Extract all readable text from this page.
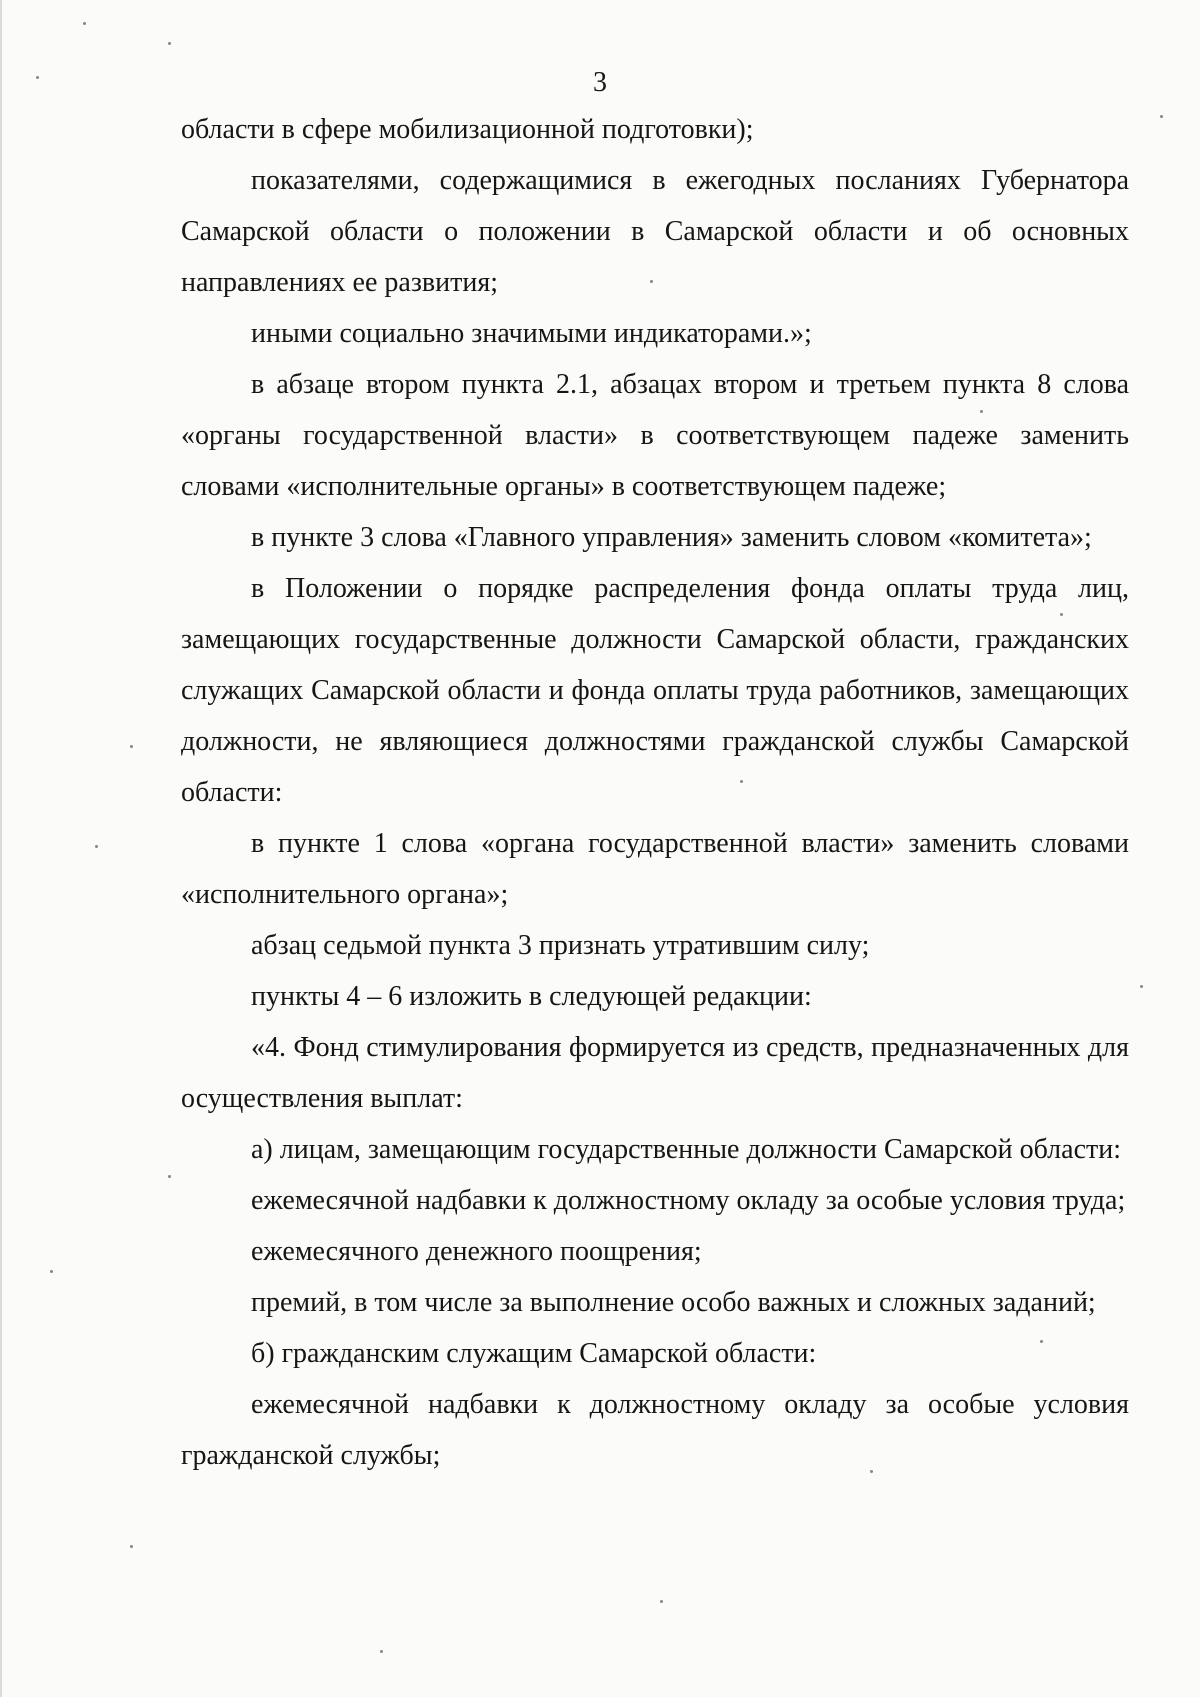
3

области в сфере мобилизационной подготовки);

показателями, содержащимися в ежегодных посланиях Губернатора Самарской области о положении в Самарской области и об основных направлениях ее развития;

иными социально значимыми индикаторами.»;

в абзаце втором пункта 2.1, абзацах втором и третьем пункта 8 слова «органы государственной власти» в соответствующем падеже заменить словами «исполнительные органы» в соответствующем падеже;

в пункте 3 слова «Главного управления» заменить словом «комитета»;

в Положении о порядке распределения фонда оплаты труда лиц, замещающих государственные должности Самарской области, гражданских служащих Самарской области и фонда оплаты труда работников, замещающих должности, не являющиеся должностями гражданской службы Самарской области:

в пункте 1 слова «органа государственной власти» заменить словами «исполнительного органа»;

абзац седьмой пункта 3 признать утратившим силу;

пункты 4 – 6 изложить в следующей редакции:

«4. Фонд стимулирования формируется из средств, предназначенных для осуществления выплат:

а) лицам, замещающим государственные должности Самарской области:

ежемесячной надбавки к должностному окладу за особые условия труда;

ежемесячного денежного поощрения;

премий, в том числе за выполнение особо важных и сложных заданий;

б) гражданским служащим Самарской области:

ежемесячной надбавки к должностному окладу за особые условия гражданской службы;
